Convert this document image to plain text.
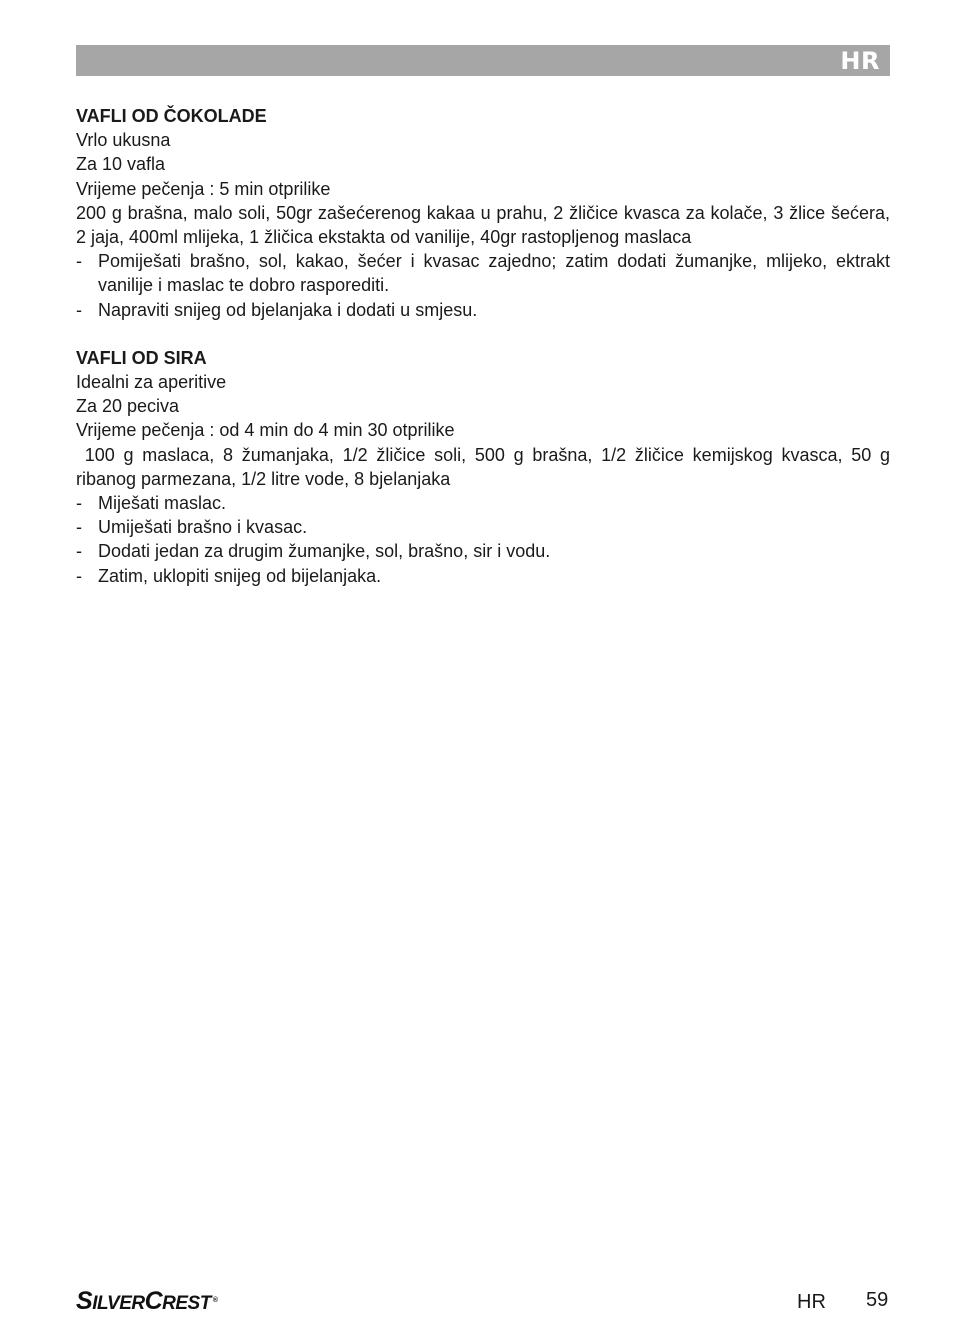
HR
VAFLI OD ČOKOLADE
Vrlo ukusna
Za 10 vafla
Vrijeme pečenja : 5 min otprilike
200 g brašna, malo soli, 50gr zašećerenog kakaa u prahu, 2 žličice kvasca za kolače, 3 žlice šećera, 2 jaja, 400ml mlijeka, 1 žličica ekstakta od vanilije, 40gr rastopljenog maslaca
- Pomiješati brašno, sol, kakao, šećer i kvasac zajedno; zatim dodati žumanjke, mlijeko, ektrakt vanilije i maslac te dobro rasporediti.
- Napraviti snijeg od bjelanjaka i dodati u smjesu.
VAFLI OD SIRA
Idealni za aperitive
Za 20 peciva
Vrijeme pečenja : od 4 min do 4 min 30 otprilike
100 g maslaca, 8 žumanjaka, 1/2 žličice soli, 500 g brašna, 1/2 žličice kemijskog kvasca, 50 g ribanog parmezana, 1/2 litre vode, 8 bjelanjaka
- Miješati maslac.
- Umiješati brašno i kvasac.
- Dodati jedan za drugim žumanjke, sol, brašno, sir i vodu.
- Zatim, uklopiti snijeg od bijelanjaka.
SILVERCREST ®	HR 59
